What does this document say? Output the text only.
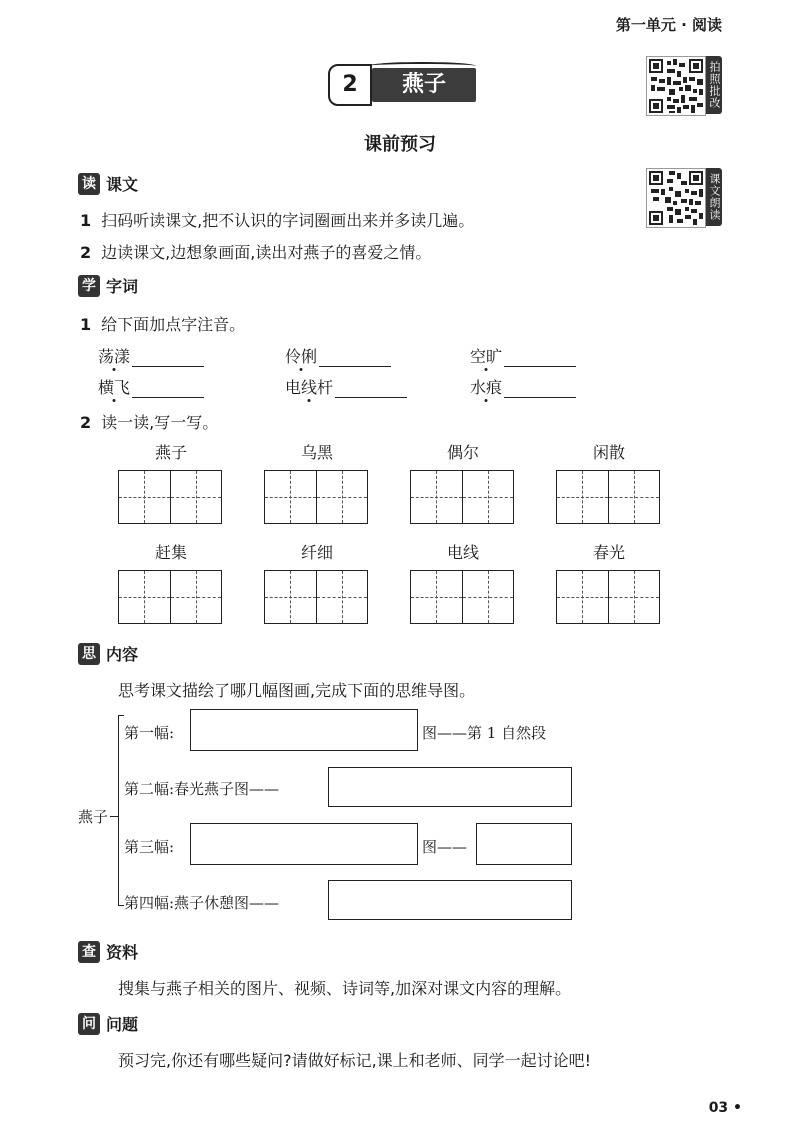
第一单元 · 阅读
2	燕子	拍照批改
课文朗读
课前预习
读 课文
1 扫码听读课文,把不认识的字词圈画出来并多读几遍。
2 边读课文,边想象画面,读出对燕子的喜爱之情。
学 字词
1 给下面加点字注音。
荡漾	伶俐	空旷
横飞	电线杆	水痕
2 读一读,写一写。
燕子	乌黑	偶尔	闲散
赶集	纤细	电线	春光
思 内容
思考课文描绘了哪几幅图画,完成下面的思维导图。
燕子
第一幅:	图——第 1 自然段
第二幅:春光燕子图——
第三幅:	图——
第四幅:燕子休憩图——
查 资料
搜集与燕子相关的图片、视频、诗词等,加深对课文内容的理解。
问 问题
预习完,你还有哪些疑问?请做好标记,课上和老师、同学一起讨论吧!
03 •
